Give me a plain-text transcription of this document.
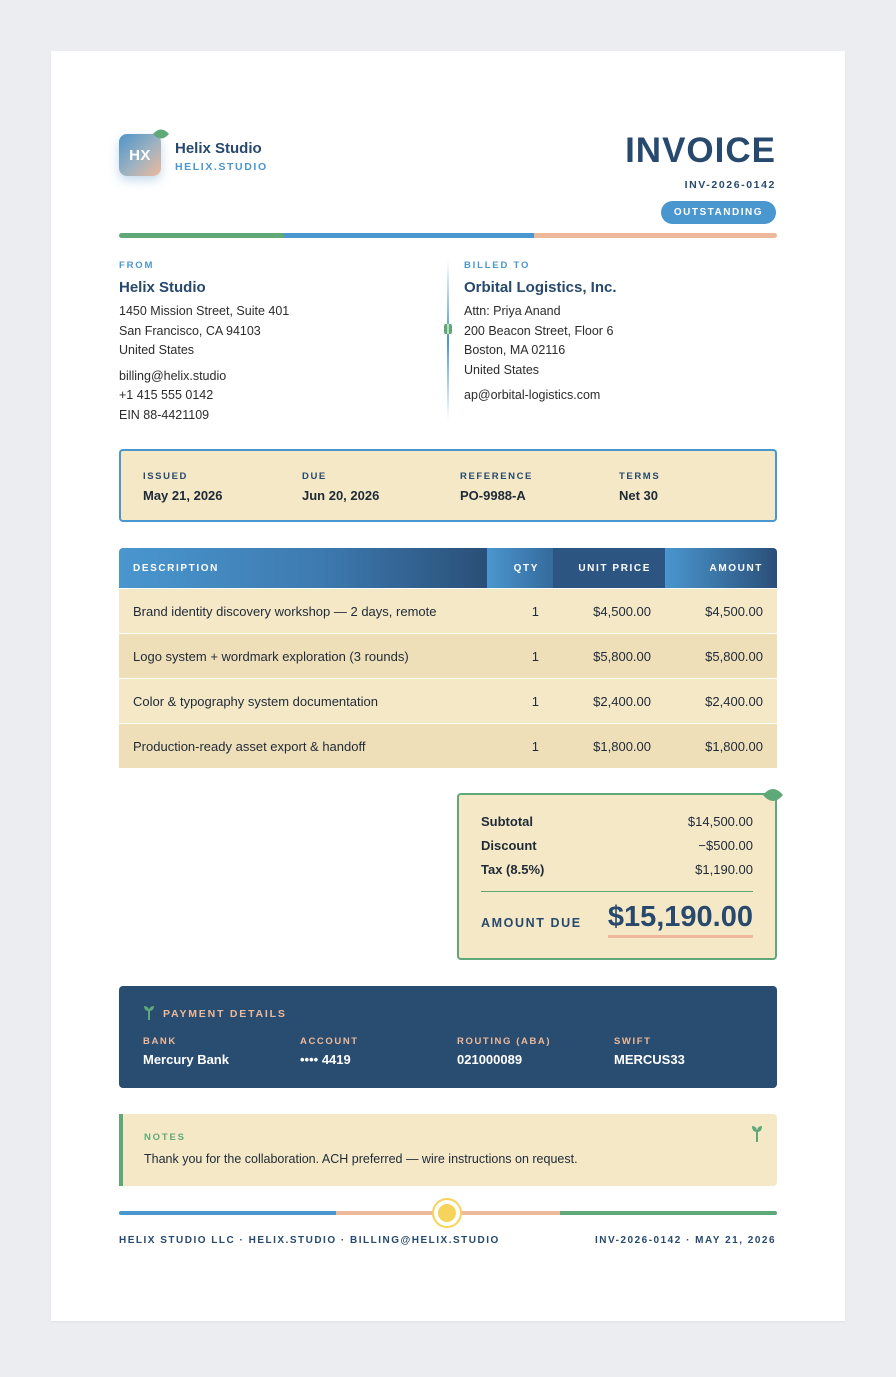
HX Helix Studio
HELIX.STUDIO	INVOICE
INV-2026-0142
OUTSTANDING
FROM
Helix Studio
1450 Mission Street, Suite 401
San Francisco, CA 94103
United States
billing@helix.studio
+1 415 555 0142
EIN 88-4421109
BILLED TO
Orbital Logistics, Inc.
Attn: Priya Anand
200 Beacon Street, Floor 6
Boston, MA 02116
United States
ap@orbital-logistics.com
ISSUED
May 21, 2026
DUE
Jun 20, 2026
REFERENCE
PO-9988-A
TERMS
Net 30
DESCRIPTION	QTY	UNIT PRICE	AMOUNT
Brand identity discovery workshop — 2 days, remote	1	$4,500.00	$4,500.00
Logo system + wordmark exploration (3 rounds)	1	$5,800.00	$5,800.00
Color & typography system documentation	1	$2,400.00	$2,400.00
Production-ready asset export & handoff	1	$1,800.00	$1,800.00
Subtotal	$14,500.00
Discount	−$500.00
Tax (8.5%)	$1,190.00
AMOUNT DUE $15,190.00
PAYMENT DETAILS
BANK
Mercury Bank
ACCOUNT
•••• 4419
ROUTING (ABA)
021000089
SWIFT
MERCUS33
NOTES
Thank you for the collaboration. ACH preferred — wire instructions on request.
HELIX STUDIO LLC · HELIX.STUDIO · BILLING@HELIX.STUDIO	INV-2026-0142 · MAY 21, 2026
